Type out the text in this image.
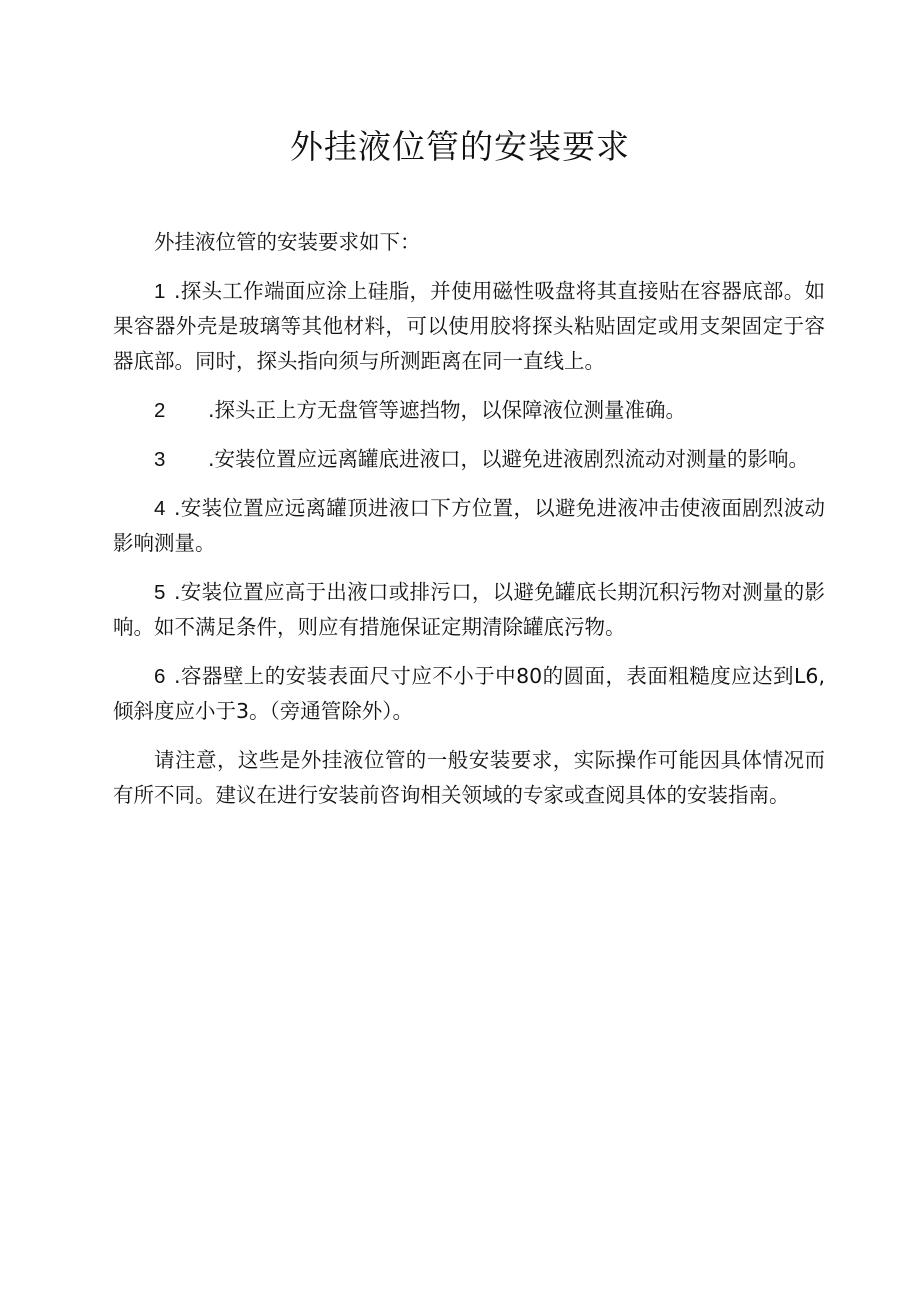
外挂液位管的安装要求

外挂液位管的安装要求如下：

1 .探头工作端面应涂上硅脂，并使用磁性吸盘将其直接贴在容器底部。如果容器外壳是玻璃等其他材料，可以使用胶将探头粘贴固定或用支架固定于容器底部。同时，探头指向须与所测距离在同一直线上。

2 .探头正上方无盘管等遮挡物，以保障液位测量准确。

3 .安装位置应远离罐底进液口，以避免进液剧烈流动对测量的影响。

4 .安装位置应远离罐顶进液口下方位置，以避免进液冲击使液面剧烈波动影响测量。

5 .安装位置应高于出液口或排污口，以避免罐底长期沉积污物对测量的影响。如不满足条件，则应有措施保证定期清除罐底污物。

6 .容器壁上的安装表面尺寸应不小于中80的圆面，表面粗糙度应达到L6,倾斜度应小于3。（旁通管除外）。

请注意，这些是外挂液位管的一般安装要求，实际操作可能因具体情况而有所不同。建议在进行安装前咨询相关领域的专家或查阅具体的安装指南。
